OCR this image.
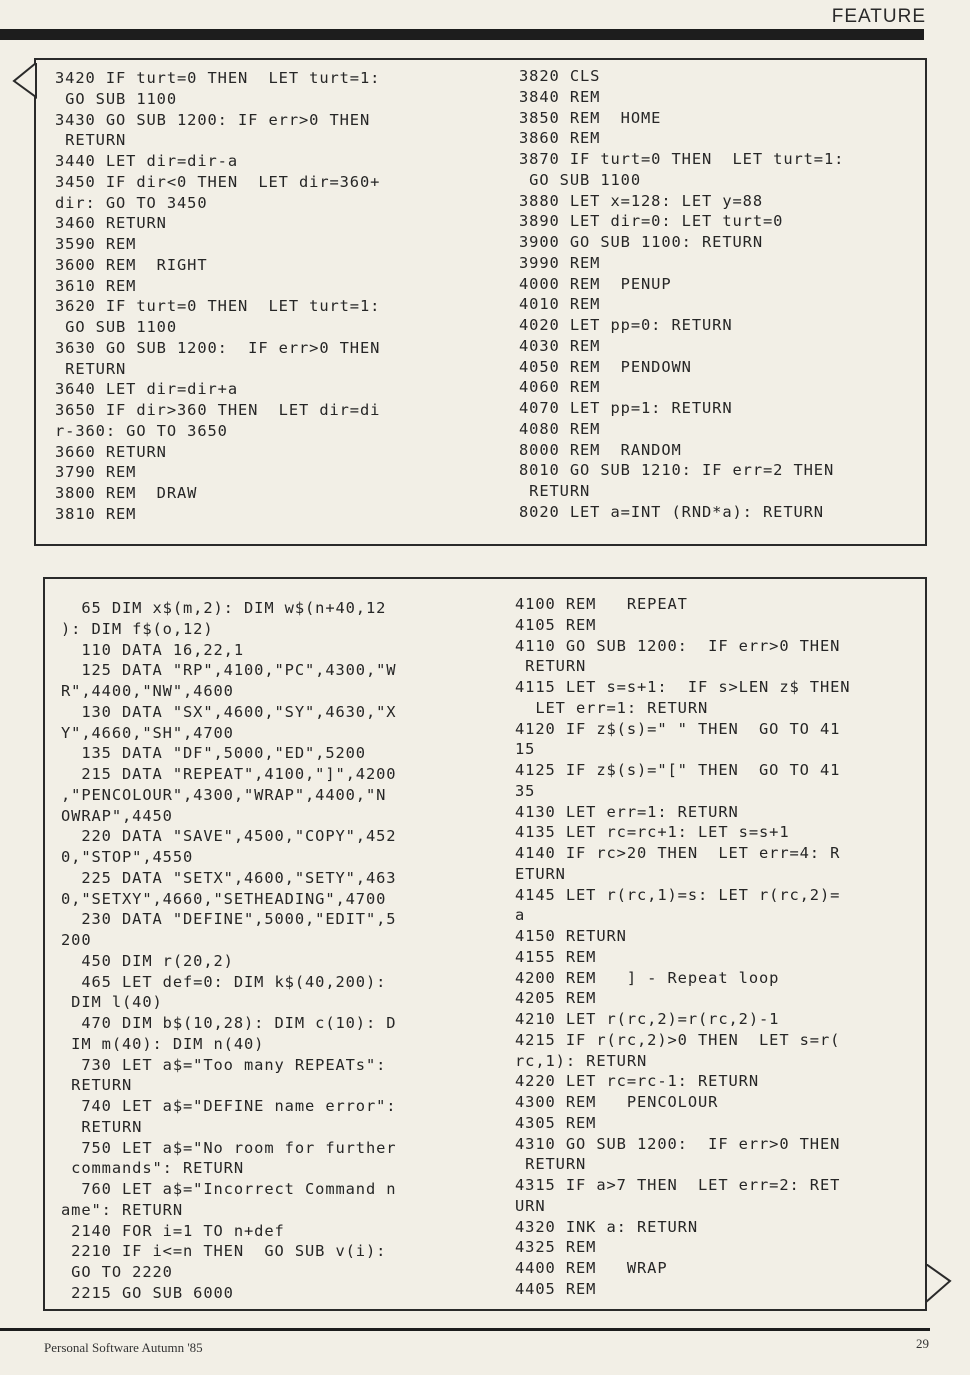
FEATURE
3420 IF turt=0 THEN  LET turt=1:
GO SUB 1100
3430 GO SUB 1200: IF err>0 THEN
RETURN
3440 LET dir=dir-a
3450 IF dir<0 THEN  LET dir=360+
dir: GO TO 3450
3460 RETURN
3590 REM
3600 REM  RIGHT
3610 REM
3620 IF turt=0 THEN  LET turt=1:
GO SUB 1100
3630 GO SUB 1200:  IF err>0 THEN
RETURN
3640 LET dir=dir+a
3650 IF dir>360 THEN  LET dir=di
r-360: GO TO 3650
3660 RETURN
3790 REM
3800 REM  DRAW
3810 REM
3820 CLS
3840 REM
3850 REM  HOME
3860 REM
3870 IF turt=0 THEN  LET turt=1:
GO SUB 1100
3880 LET x=128: LET y=88
3890 LET dir=0: LET turt=0
3900 GO SUB 1100: RETURN
3990 REM
4000 REM  PENUP
4010 REM
4020 LET pp=0: RETURN
4030 REM
4050 REM  PENDOWN
4060 REM
4070 LET pp=1: RETURN
4080 REM
8000 REM  RANDOM
8010 GO SUB 1210: IF err=2 THEN
RETURN
8020 LET a=INT (RND*a): RETURN
65 DIM x$(m,2): DIM w$(n+40,12
): DIM f$(o,12)
110 DATA 16,22,1
125 DATA "RP",4100,"PC",4300,"W
R",4400,"NW",4600
130 DATA "SX",4600,"SY",4630,"X
Y",4660,"SH",4700
135 DATA "DF",5000,"ED",5200
215 DATA "REPEAT",4100,"]",4200
,"PENCOLOUR",4300,"WRAP",4400,"N
OWRAP",4450
220 DATA "SAVE",4500,"COPY",452
0,"STOP",4550
225 DATA "SETX",4600,"SETY",463
0,"SETXY",4660,"SETHEADING",4700
230 DATA "DEFINE",5000,"EDIT",5
200
450 DIM r(20,2)
465 LET def=0: DIM k$(40,200):
DIM l(40)
470 DIM b$(10,28): DIM c(10): D
IM m(40): DIM n(40)
730 LET a$="Too many REPEATs":
RETURN
740 LET a$="DEFINE name error":
RETURN
750 LET a$="No room for further
commands": RETURN
760 LET a$="Incorrect Command n
ame": RETURN
2140 FOR i=1 TO n+def
2210 IF i<=n THEN  GO SUB v(i):
GO TO 2220
2215 GO SUB 6000
4100 REM   REPEAT
4105 REM
4110 GO SUB 1200:  IF err>0 THEN
RETURN
4115 LET s=s+1:  IF s>LEN z$ THEN
LET err=1: RETURN
4120 IF z$(s)=" " THEN  GO TO 41
15
4125 IF z$(s)="[" THEN  GO TO 41
35
4130 LET err=1: RETURN
4135 LET rc=rc+1: LET s=s+1
4140 IF rc>20 THEN  LET err=4: R
ETURN
4145 LET r(rc,1)=s: LET r(rc,2)=
a
4150 RETURN
4155 REM
4200 REM   ] - Repeat loop
4205 REM
4210 LET r(rc,2)=r(rc,2)-1
4215 IF r(rc,2)>0 THEN  LET s=r(
rc,1): RETURN
4220 LET rc=rc-1: RETURN
4300 REM   PENCOLOUR
4305 REM
4310 GO SUB 1200:  IF err>0 THEN
RETURN
4315 IF a>7 THEN  LET err=2: RET
URN
4320 INK a: RETURN
4325 REM
4400 REM   WRAP
4405 REM
Personal Software Autumn '85	29
